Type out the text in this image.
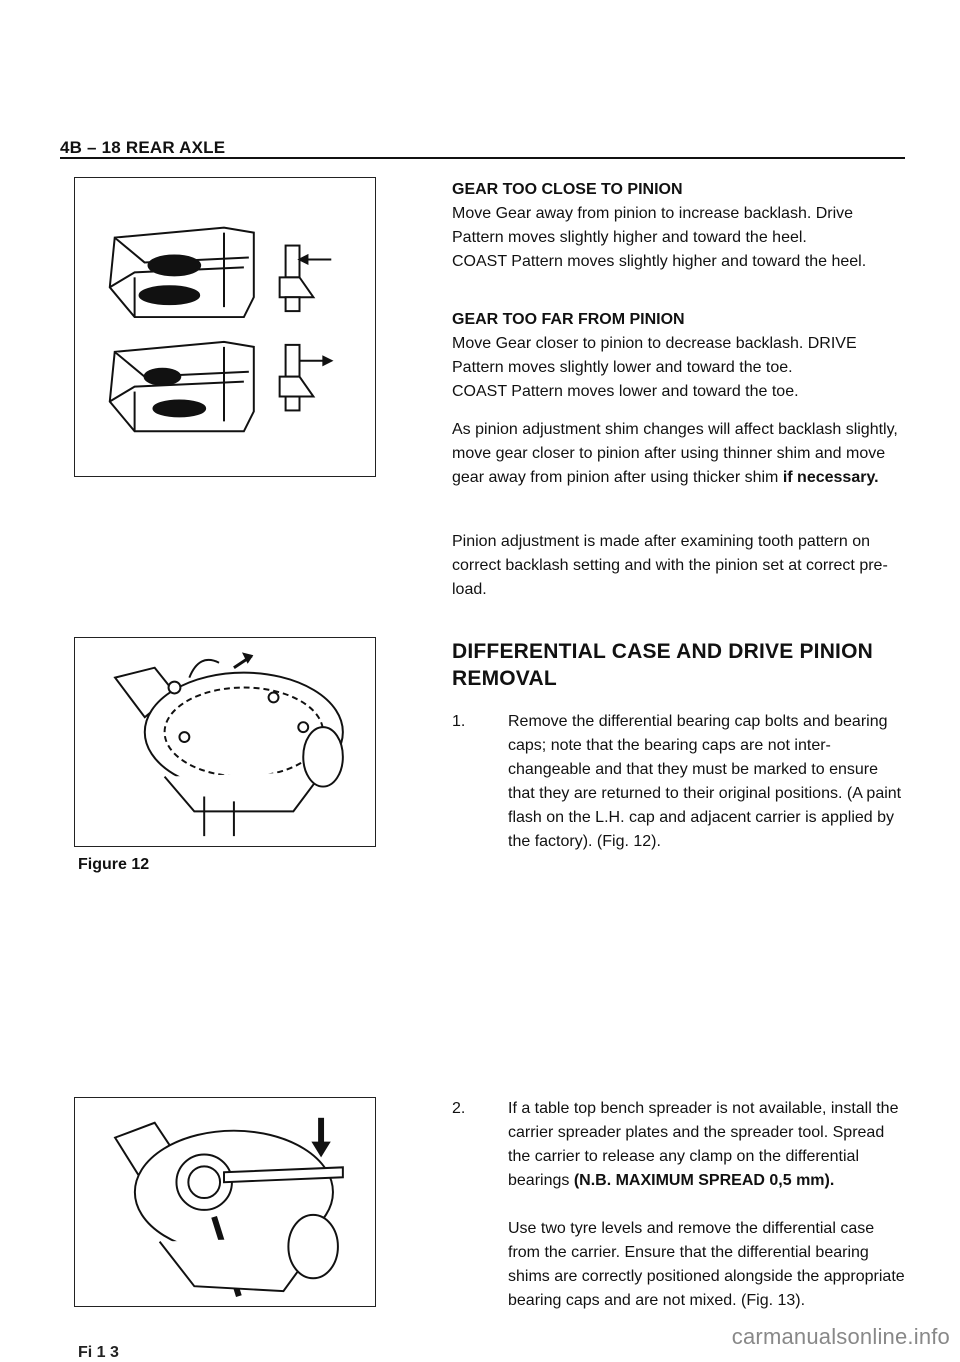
4B – 18 REAR AXLE

GEAR TOO CLOSE TO PINION

Move Gear away from pinion to increase backlash. Drive Pattern moves slightly higher and toward the heel.

COAST Pattern moves slightly higher and toward the heel.

GEAR TOO FAR FROM PINION

Move Gear closer to pinion to decrease backlash. DRIVE Pattern moves slightly lower and toward the toe.

COAST Pattern moves lower and toward the toe.

As pinion adjustment shim changes will affect backlash slightly, move gear closer to pinion after using thinner shim and move gear away from pinion after using thicker shim if necessary.

Pinion adjustment is made after examining tooth pattern on correct backlash setting and with the pinion set at correct pre-load.

Figure 12
DIFFERENTIAL CASE AND DRIVE PINION REMOVAL
1.	Remove the differential bearing cap bolts and bearing caps; note that the bearing caps are not inter-changeable and that they must be marked to ensure that they are returned to their original positions. (A paint flash on the L.H. cap and adjacent carrier is applied by the factory). (Fig. 12).
Fi 1 3
2.	If a table top bench spreader is not available, install the carrier spreader plates and the spreader tool. Spread the carrier to release any clamp on the differential bearings (N.B. MAXIMUM SPREAD 0,5 mm).

Use two tyre levels and remove the differential case from the carrier. Ensure that the differential bearing shims are correctly positioned alongside the appropriate bearing caps and are not mixed. (Fig. 13).

carmanualsonline.info
